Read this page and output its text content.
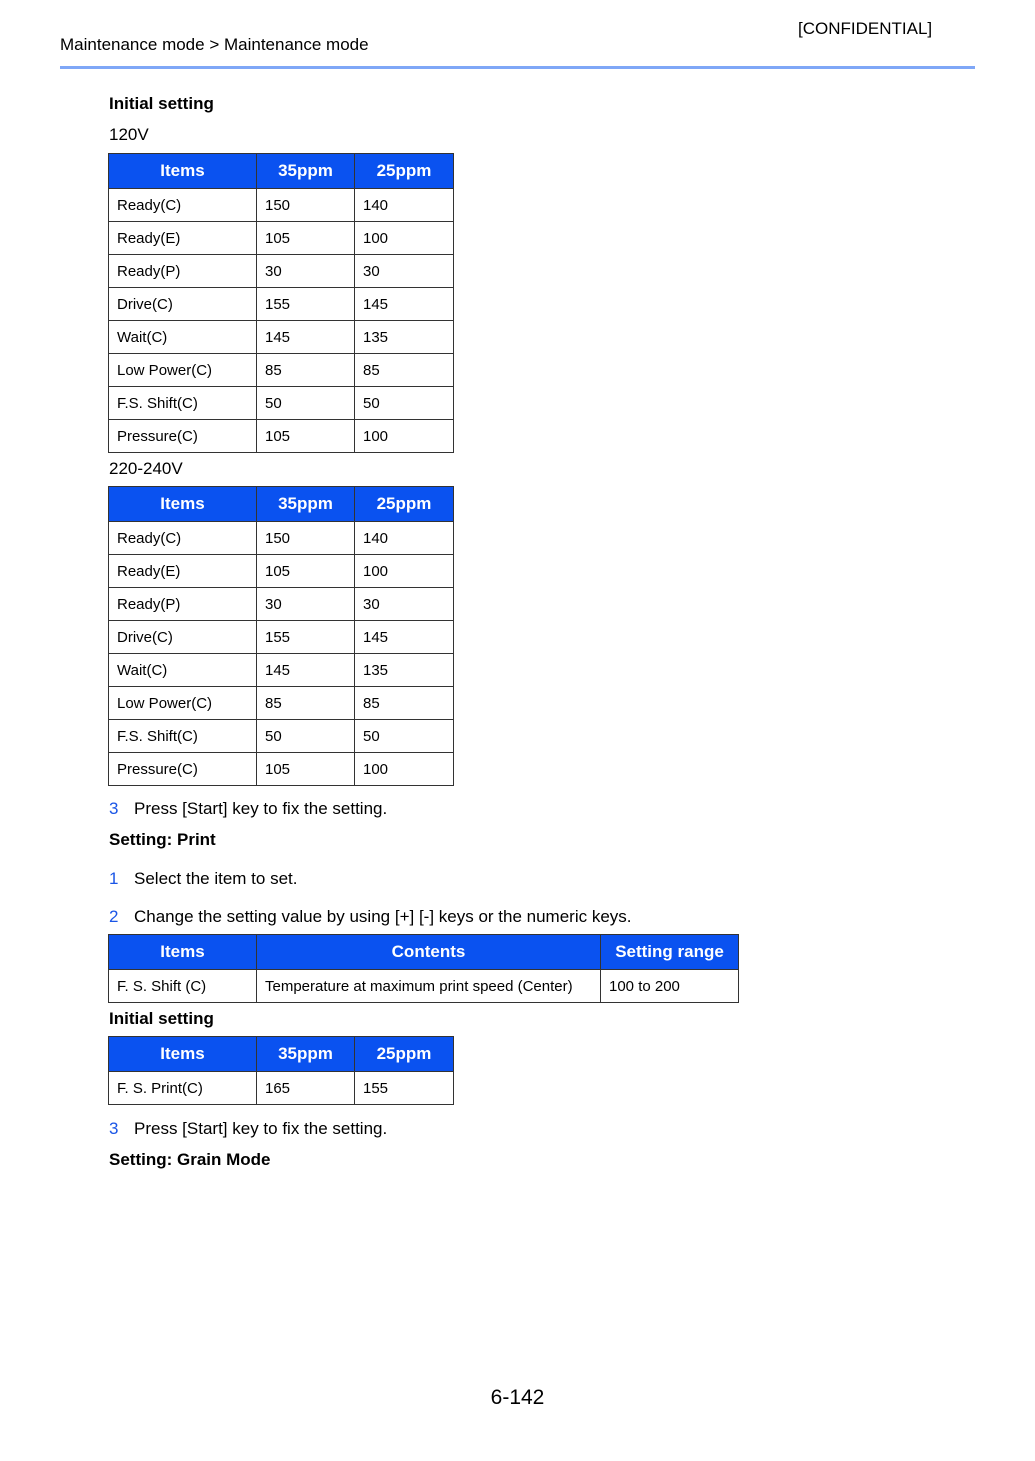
[CONFIDENTIAL]
Maintenance mode > Maintenance mode
Initial setting
120V
Items	35ppm	25ppm
Ready(C)	150	140
Ready(E)	105	100
Ready(P)	30	30
Drive(C)	155	145
Wait(C)	145	135
Low Power(C)	85	85
F.S. Shift(C)	50	50
Pressure(C)	105	100
220-240V
Items	35ppm	25ppm
Ready(C)	150	140
Ready(E)	105	100
Ready(P)	30	30
Drive(C)	155	145
Wait(C)	145	135
Low Power(C)	85	85
F.S. Shift(C)	50	50
Pressure(C)	105	100
3 Press [Start] key to fix the setting.
Setting: Print
1 Select the item to set.
2 Change the setting value by using [+] [-] keys or the numeric keys.
Items	Contents	Setting range
F. S. Shift (C)	Temperature at maximum print speed (Center)	100 to 200
Initial setting
Items	35ppm	25ppm
F. S. Print(C)	165	155
3 Press [Start] key to fix the setting.
Setting: Grain Mode
6-142
